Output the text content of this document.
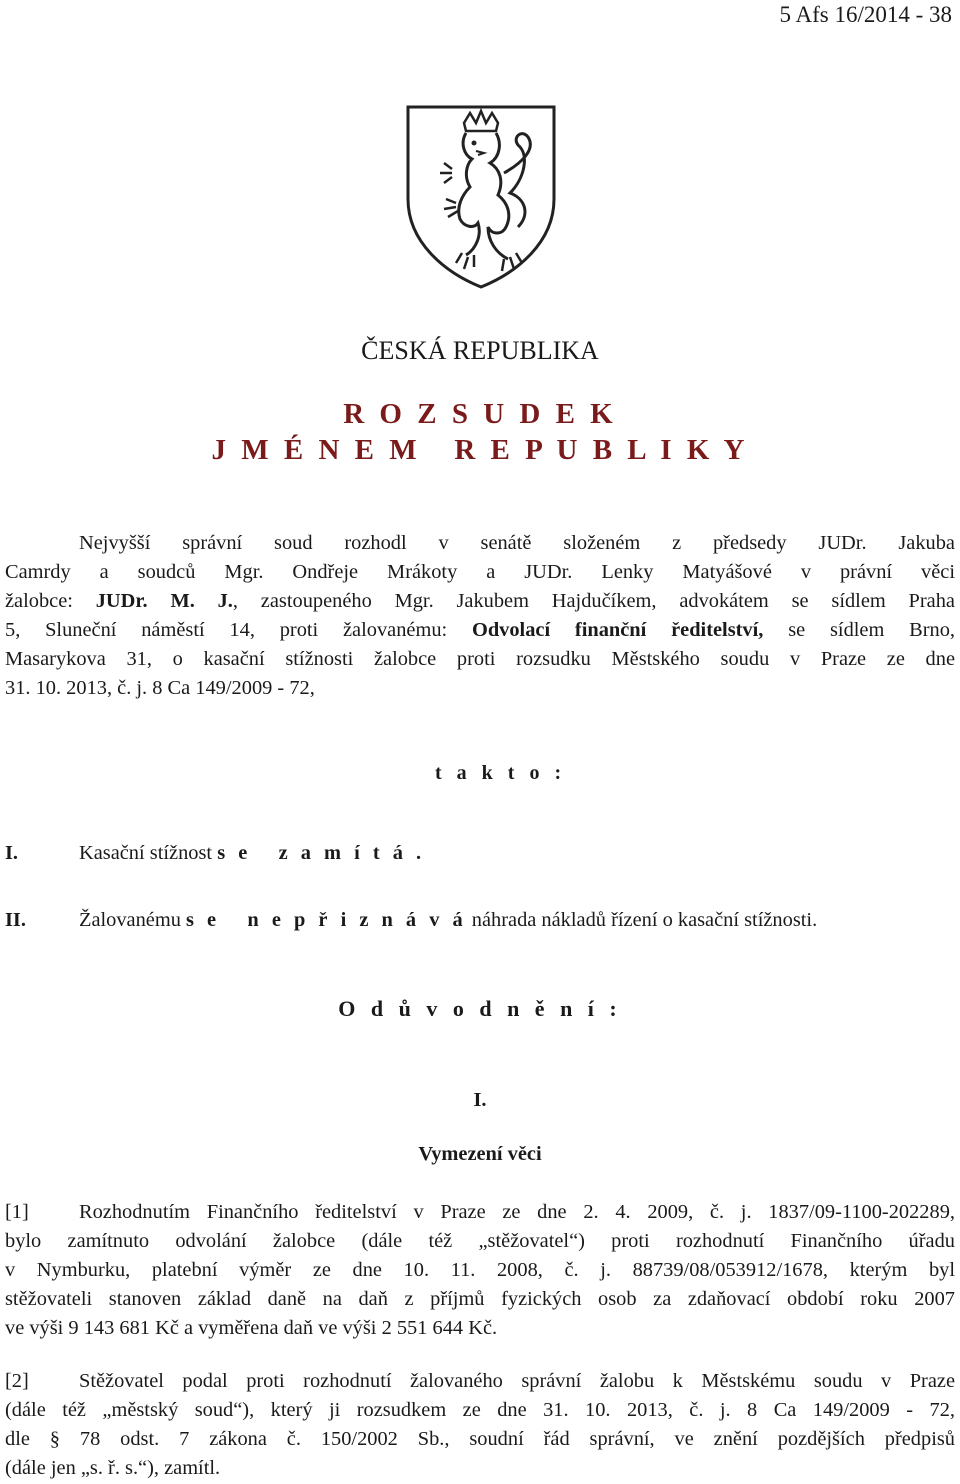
5 Afs 16/2014 - 38
ČESKÁ REPUBLIKA
R O Z S U D E K
J M É N E M   R E P U B L I K Y
Nejvyšší správní soud rozhodl v senátě složeném z předsedy JUDr. Jakuba
Camrdy a soudců Mgr. Ondřeje Mrákoty a JUDr. Lenky Matyášové v právní věci
žalobce: JUDr. M. J., zastoupeného Mgr. Jakubem Hajdučíkem, advokátem se sídlem Praha
5, Sluneční náměstí 14, proti žalovanému: Odvolací finanční ředitelství, se sídlem Brno,
Masarykova 31, o kasační stížnosti žalobce proti rozsudku Městského soudu v Praze ze dne
31. 10. 2013, č. j. 8 Ca 149/2009 - 72,
t a k t o :
I.	Kasační stížnost s e   z a m í t á .
II.	Žalovanému s e   n e p ř i z n á v á náhrada nákladů řízení o kasační stížnosti.
O d ů v o d n ě n í :
I.
Vymezení věci
[1] Rozhodnutím Finančního ředitelství v Praze ze dne 2. 4. 2009, č. j. 1837/09-1100-202289,
bylo zamítnuto odvolání žalobce (dále též „stěžovatel“) proti rozhodnutí Finančního úřadu
v Nymburku, platební výměr ze dne 10. 11. 2008, č. j. 88739/08/053912/1678, kterým byl
stěžovateli stanoven základ daně na daň z příjmů fyzických osob za zdaňovací období roku 2007
ve výši 9 143 681 Kč a vyměřena daň ve výši 2 551 644 Kč.
[2] Stěžovatel podal proti rozhodnutí žalovaného správní žalobu k Městskému soudu v Praze
(dále též „městský soud“), který ji rozsudkem ze dne 31. 10. 2013, č. j. 8 Ca 149/2009 - 72,
dle § 78 odst. 7 zákona č. 150/2002 Sb., soudní řád správní, ve znění pozdějších předpisů
(dále jen „s. ř. s.“), zamítl.
